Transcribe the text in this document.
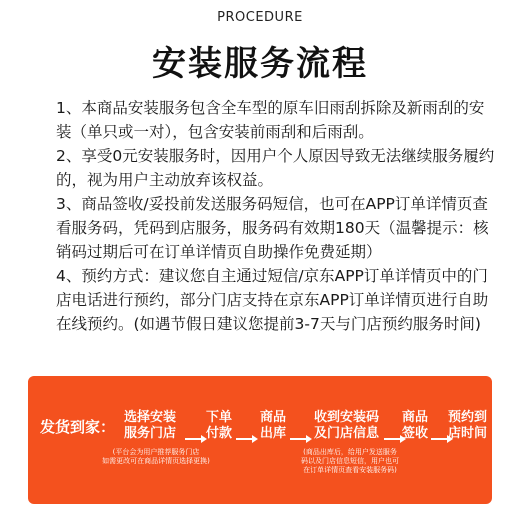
PROCEDURE
安装服务流程
1、本商品安装服务包含全车型的原车旧雨刮拆除及新雨刮的安装（单只或一对），包含安装前雨刮和后雨刮。
2、享受0元安装服务时，因用户个人原因导致无法继续服务履约的，视为用户主动放弃该权益。
3、商品签收/妥投前发送服务码短信，也可在APP订单详情页查看服务码，凭码到店服务，服务码有效期180天（温馨提示：核销码过期后可在订单详情页自助操作免费延期）
4、预约方式：建议您自主通过短信/京东APP订单详情页中的门店电话进行预约，部分门店支持在京东APP订单详情页进行自助在线预约。(如遇节假日建议您提前3-7天与门店预约服务时间)
发货到家：
选择安装
服务门店
下单
付款
商品
出库
收到安装码
及门店信息
商品
签收
预约到
店时间
(平台会为用户推荐服务门店
如需更改可在商品详情页选择更换)
(商品出库后，给用户发送服务
码以及门店信息短信，用户也可
在订单详情页查看安装服务码)
